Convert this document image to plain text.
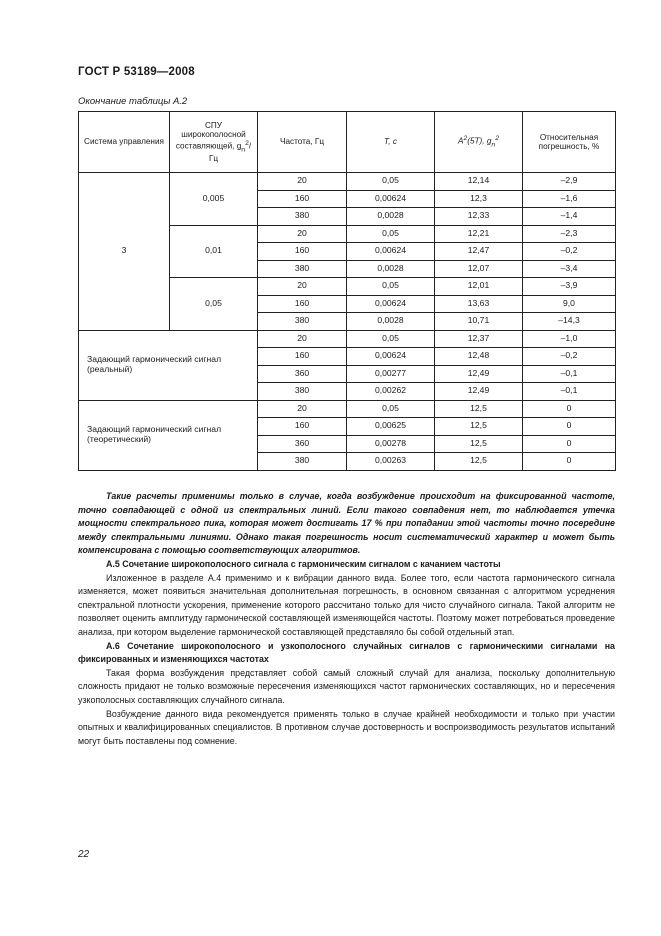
ГОСТ Р 53189—2008
Окончание таблицы А.2
Система управления	СПУ широкополосной составляющей, $g_n^2/Гц$	Частота, Гц	T, с	$A^2(5T)$, $g_n^2$	Относительная погрешность, %
3	0,005	20	0,05	12,14	–2,9
		160	0,00624	12,3	–1,6
		380	0,0028	12,33	–1,4
	0,01	20	0,05	12,21	–2,3
		160	0,00624	12,47	–0,2
		380	0,0028	12,07	–3,4
	0,05	20	0,05	12,01	–3,9
		160	0,00624	13,63	9,0
		380	0,0028	10,71	–14,3
Задающий гармонический сигнал (реальный)		20	0,05	12,37	–1,0
		160	0,00624	12,48	–0,2
		360	0,00277	12,49	–0,1
		380	0,00262	12,49	–0,1
Задающий гармонический сигнал (теоретический)		20	0,05	12,5	0
		160	0,00625	12,5	0
		360	0,00278	12,5	0
		380	0,00263	12,5	0

Такие расчеты применимы только в случае, когда возбуждение происходит на фиксированной частоте, точно совпадающей с одной из спектральных линий. Если такого совпадения нет, то наблюдается утечка мощности спектрального пика, которая может достигать 17 % при попадании этой частоты точно посередине между спектральными линиями. Однако такая погрешность носит систематический характер и может быть компенсирована с помощью соответствующих алгоритмов.

А.5 Сочетание широкополосного сигнала с гармоническим сигналом с качанием частоты

Изложенное в разделе А.4 применимо и к вибрации данного вида. Более того, если частота гармонического сигнала изменяется, может появиться значительная дополнительная погрешность, в основном связанная с алгоритмом усреднения спектральной плотности ускорения, применение которого рассчитано только для чисто случайного сигнала. Такой алгоритм не позволяет оценить амплитуду гармонической составляющей изменяющейся частоты. Поэтому может потребоваться проведение анализа, при котором выделение гармонической составляющей представляло бы собой отдельный этап.

А.6 Сочетание широкополосного и узкополосного случайных сигналов с гармоническими сигналами на фиксированных и изменяющихся частотах

Такая форма возбуждения представляет собой самый сложный случай для анализа, поскольку дополнительную сложность придают не только возможные пересечения изменяющихся частот гармонических составляющих, но и пересечения узкополосных составляющих случайного сигнала.

Возбуждение данного вида рекомендуется применять только в случае крайней необходимости и только при участии опытных и квалифицированных специалистов. В противном случае достоверность и воспроизводимость результатов испытаний могут быть поставлены под сомнение.

22
